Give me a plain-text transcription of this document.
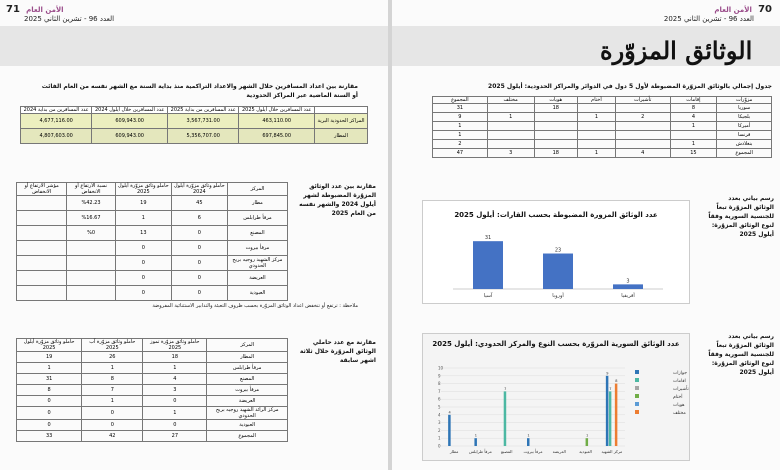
71 الأمن العام
العدد 96 - تشرين الثاني 2025
مقارنة بين اعداد المسافرين خلال الشهر والاعداد التراكمية منذ بداية السنة مع الشهر نفسه من العام الفائت أو السنة الماضية عبر المراكز الحدودية
	عدد المسافرين خلال أيلول 2025	عدد المسافرين من بداية 2025	عدد المسافرين خلال أيلول 2024	عدد المسافرين من بداية 2024
المراكز الحدودية البرية	463,110.00	3,567,731.00	609,943.00	4,677,116.00
المطار	697,845.00	5,356,707.00	609,943.00	4,807,603.00
مقارنة بين عدد الوثائق المزوّرة المضبوطة لشهر أيلول 2024 والشهر نفسه من العام 2025
المركز	حاملو وثائق مزوّرة أيلول 2024	حاملو وثائق مزوّرة أيلول 2025	نسبة الارتفاع أو الانخفاض	مؤشر الارتفاع أو الانخفاض
مطار	45	19	%42.23	
مرفأ طرابلس	6	1	%16.67	
المصنع	0	13	%0	
مرفأ بيروت	0	0		
مركز الشهيد روجيه بريح الحدودي	0	0		
العريضة	0	0		
العبودية	0	0		
ملاحظة : ترتفع أو تنخفض اعداد الوثائق المزوّرة بحسب ظروف التعبئة والتدابير الاستثنائية المفروضة
مقارنة مع عدد حاملي الوثائق المزوّرة خلال ثلاثة اشهر سابقة
المركز	حاملو وثائق مزوّرة تموز 2025	حاملو وثائق مزوّرة آب 2025	حاملو وثائق مزوّرة أيلول 2025
المطار	18	26	19
مرفأ طرابلس	1	1	1
المصنع	4	8	31
مرفأ بيروت	3	7	8
العريضة	0	1	0
مركز الرائد الشهيد روجيه بريح الحدودي	1	0	0
العبودية	0	0	0
المجموع	27	42	33
70 الأمن العام
العدد 96 - تشرين الثاني 2025
الوثائق المزوّرة
جدول إجمالي بالوثائق المزوّرة المضبوطة لأول 5 دول في الدوائر والمراكز الحدودية: أيلول 2025
مزوّرات	إقامات	تأشيرات	أختام	هويات	مختلف	المجموع
سوريا	8			18		31
بلجيكا	4	2	1		1	9
أميركا	1					1
فرنسا						1
بنغلادش	1					2
المجموع	15	4	1	18	3	47
رسم بياني بعدد الوثائق المزوّرة تبعاً للجنسية السورية وفقاً لنوع الوثائق المزوّرة: أيلول 2025
عدد الوثائق المزورة المضبوطة بحسب القارات: أيلول 2025
31
آسيا
23
أوروبا
3
أفريقيا
رسم بياني بعدد الوثائق المزوّرة تبعاً للجنسية السورية وفقاً لنوع الوثائق المزوّرة: أيلول 2025
عدد الوثائق السورية المزوّرة بحسب النوع والمركز الحدودي: أيلول 2025
0
1
2
3
4
5
6
7
8
9
10
4
مطار
1
مرفأ طرابلس
7
المصنع
1
مرفأ بيروت	العريضة
1
العبودية
9
7
8
مركز الشهيد
جوازات
اقامات
تأشيرات
أختام
هويات
مختلف
